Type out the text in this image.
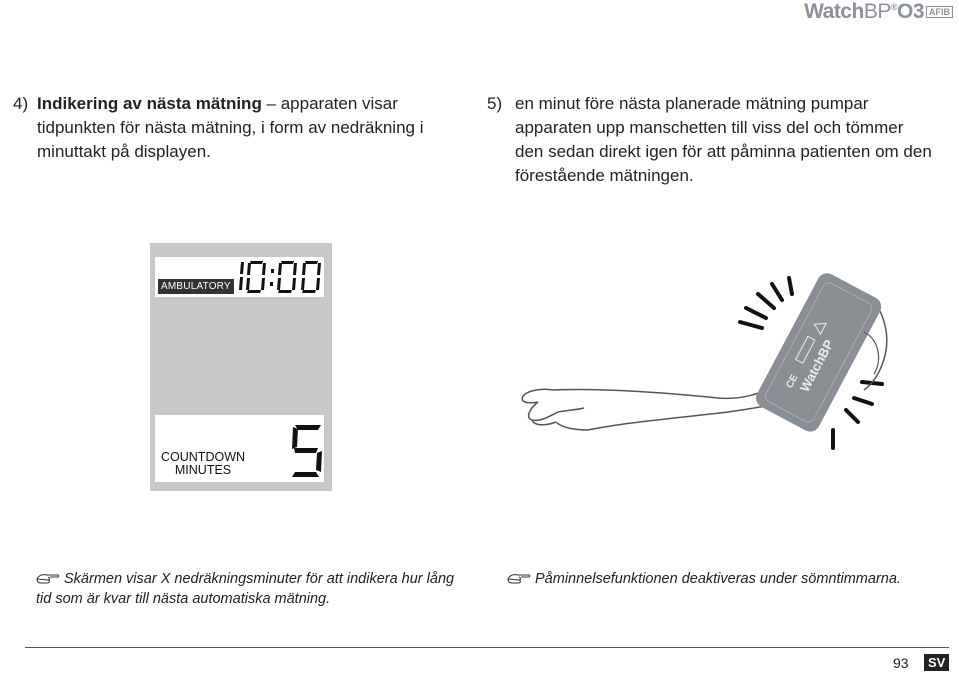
WatchBP®O3 AFIB
4) Indikering av nästa mätning – apparaten visar tidpunkten för nästa mätning, i form av nedräkning i minuttakt på displayen.
5) en minut före nästa planerade mätning pumpar apparaten upp manschetten till viss del och tömmer den sedan direkt igen för att påminna patienten om den förestående mätningen.
AMBULATORY
COUNTDOWN
MINUTES
WatchBP
CE
Skärmen visar X nedräkningsminuter för att indikera hur lång tid som är kvar till nästa automatiska mätning.
Påminnelsefunktionen deaktiveras under sömntimmarna.
93	SV
